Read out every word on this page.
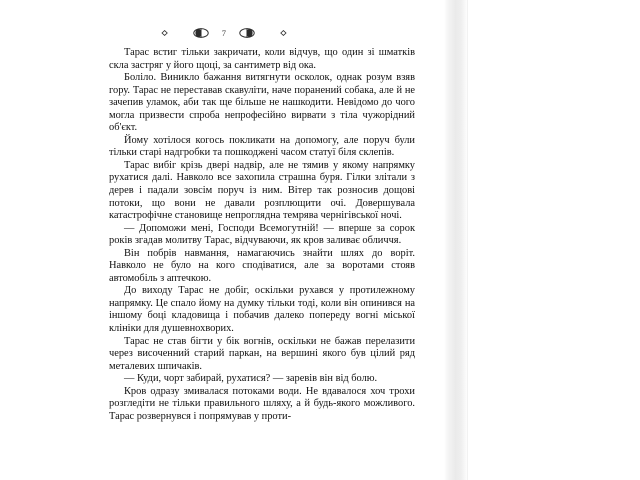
7

Тарас встиг тільки закричати, коли відчув, що один зі шматків скла застряг у його щоці, за сантиметр від ока.

Боліло. Виникло бажання витягнути осколок, однак розум взяв гору. Тарас не переставав скавуліти, наче поранений собака, але й не зачепив уламок, аби так ще більше не нашкодити. Невідомо до чого могла призвести спроба непрофесійно вирвати з тіла чужорідний об'єкт.

Йому хотілося когось покликати на допомогу, але поруч були тільки старі надгробки та пошкоджені часом статуї біля склепів.

Тарас вибіг крізь двері надвір, але не тямив у якому напрямку рухатися далі. Навколо все захопила страшна буря. Гілки злітали з дерев і падали зовсім поруч із ним. Вітер так розносив дощові потоки, що вони не давали розплющити очі. Довершувала катастрофічне становище непроглядна темрява чернігівської ночі.

— Допоможи мені, Господи Всемогутній! — вперше за сорок років згадав молитву Тарас, відчуваючи, як кров заливає обличчя.

Він побрів навмання, намагаючись знайти шлях до воріт. Навколо не було на кого сподіватися, але за воротами стояв автомобіль з аптечкою.

До виходу Тарас не добіг, оскільки рухався у протилежному напрямку. Це спало йому на думку тільки тоді, коли він опинився на іншому боці кладовища і побачив далеко попереду вогні міської клініки для душевнохворих.

Тарас не став бігти у бік вогнів, оскільки не бажав перелазити через височенний старий паркан, на вершині якого був цілий ряд металевих шпичаків.

— Куди, чорт забирай, рухатися? — заревів він від болю.

Кров одразу змивалася потоками води. Не вдавалося хоч трохи розгледіти не тільки правильного шляху, а й будь-якого можливого. Тарас розвернувся і попрямував у проти-
